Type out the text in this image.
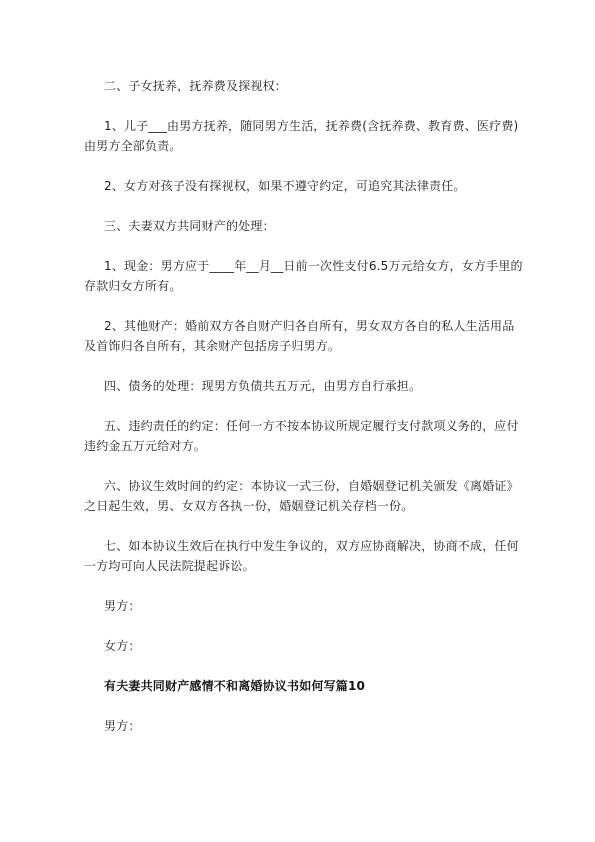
二、子女抚养，抚养费及探视权：

1、儿子___由男方抚养，随同男方生活，抚养费(含抚养费、教育费、医疗费)由男方全部负责。

2、女方对孩子没有探视权，如果不遵守约定，可追究其法律责任。

三、夫妻双方共同财产的处理：

1、现金：男方应于____年__月__日前一次性支付6.5万元给女方，女方手里的存款归女方所有。

2、其他财产：婚前双方各自财产归各自所有，男女双方各自的私人生活用品及首饰归各自所有，其余财产包括房子归男方。

四、债务的处理：现男方负债共五万元，由男方自行承担。

五、违约责任的约定：任何一方不按本协议所规定履行支付款项义务的，应付违约金五万元给对方。

六、协议生效时间的约定：本协议一式三份，自婚姻登记机关颁发《离婚证》之日起生效，男、女双方各执一份，婚姻登记机关存档一份。

七、如本协议生效后在执行中发生争议的，双方应协商解决，协商不成，任何一方均可向人民法院提起诉讼。

男方：

女方：

有夫妻共同财产感情不和离婚协议书如何写篇10

男方：
